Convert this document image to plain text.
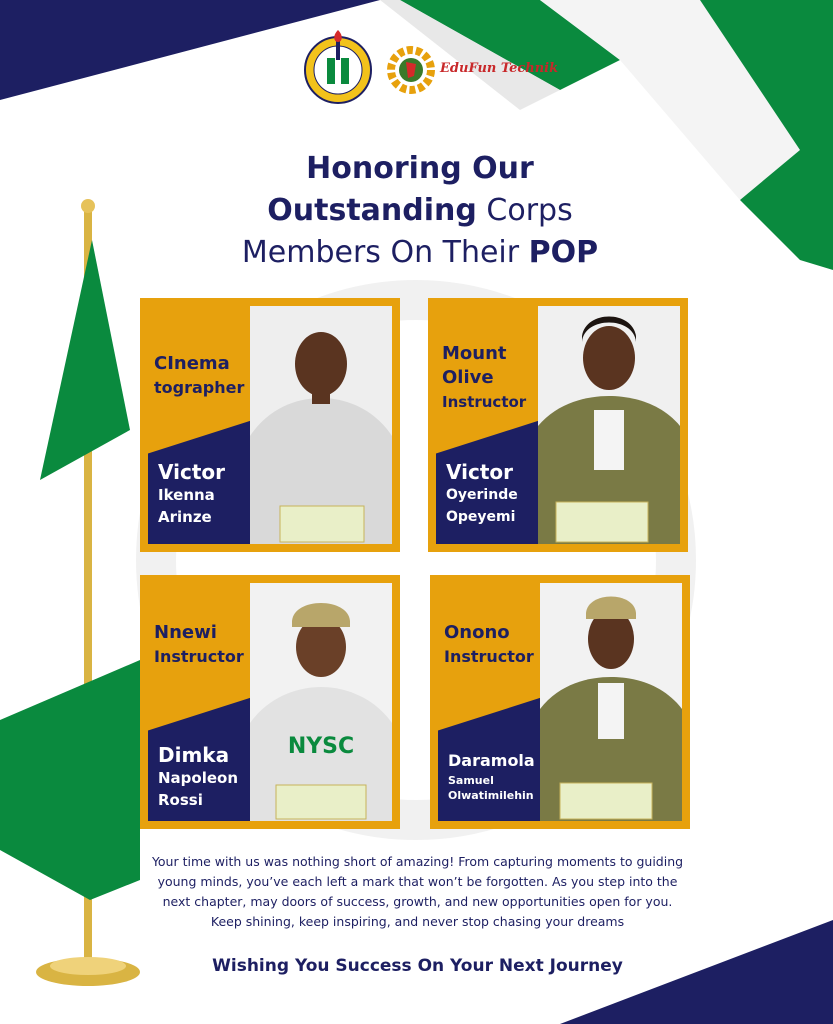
EduFun Technik
Honoring Our
Outstanding Corps
Members On Their POP
CInema
tographer
Victor
Ikenna
Arinze
Mount
Olive
Instructor
Victor
Oyerinde
Opeyemi
Nnewi
Instructor
Dimka
Napoleon
Rossi
NYSC
Onono
Instructor
Daramola
Samuel
Olwatimilehin
Your time with us was nothing short of amazing! From capturing moments to guiding young minds, you’ve each left a mark that won’t be forgotten. As you step into the next chapter, may doors of success, growth, and new opportunities open for you. Keep shining, keep inspiring, and never stop chasing your dreams
Wishing You Success On Your Next Journey
